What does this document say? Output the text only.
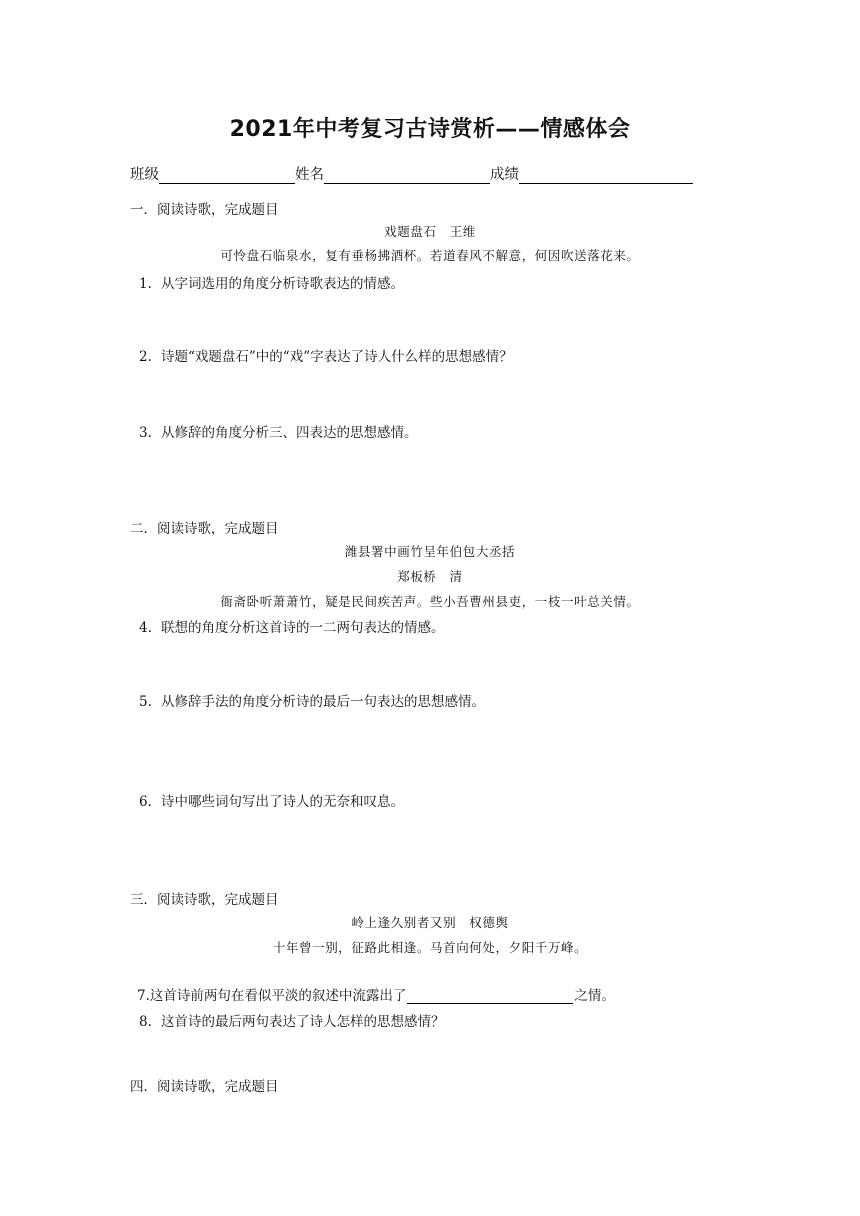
2021年中考复习古诗赏析——情感体会
班级	姓名	成绩
一．阅读诗歌，完成题目
戏题盘石　王维
可怜盘石临泉水，复有垂杨拂酒杯。若道春风不解意，何因吹送落花来。
1. 从字词选用的角度分析诗歌表达的情感。
2. 诗题“戏题盘石”中的“戏”字表达了诗人什么样的思想感情？
3. 从修辞的角度分析三、四表达的思想感情。
二．阅读诗歌，完成题目
潍县署中画竹呈年伯包大丞括
郑板桥　清
衙斋卧听萧萧竹，疑是民间疾苦声。些小吾曹州县吏，一枝一叶总关情。
4. 联想的角度分析这首诗的一二两句表达的情感。
5. 从修辞手法的角度分析诗的最后一句表达的思想感情。
6. 诗中哪些词句写出了诗人的无奈和叹息。
三．阅读诗歌，完成题目
岭上逢久别者又别　权德舆
十年曾一别，征路此相逢。马首向何处，夕阳千万峰。
7.这首诗前两句在看似平淡的叙述中流露出了	之情。
8. 这首诗的最后两句表达了诗人怎样的思想感情？
四．阅读诗歌，完成题目
